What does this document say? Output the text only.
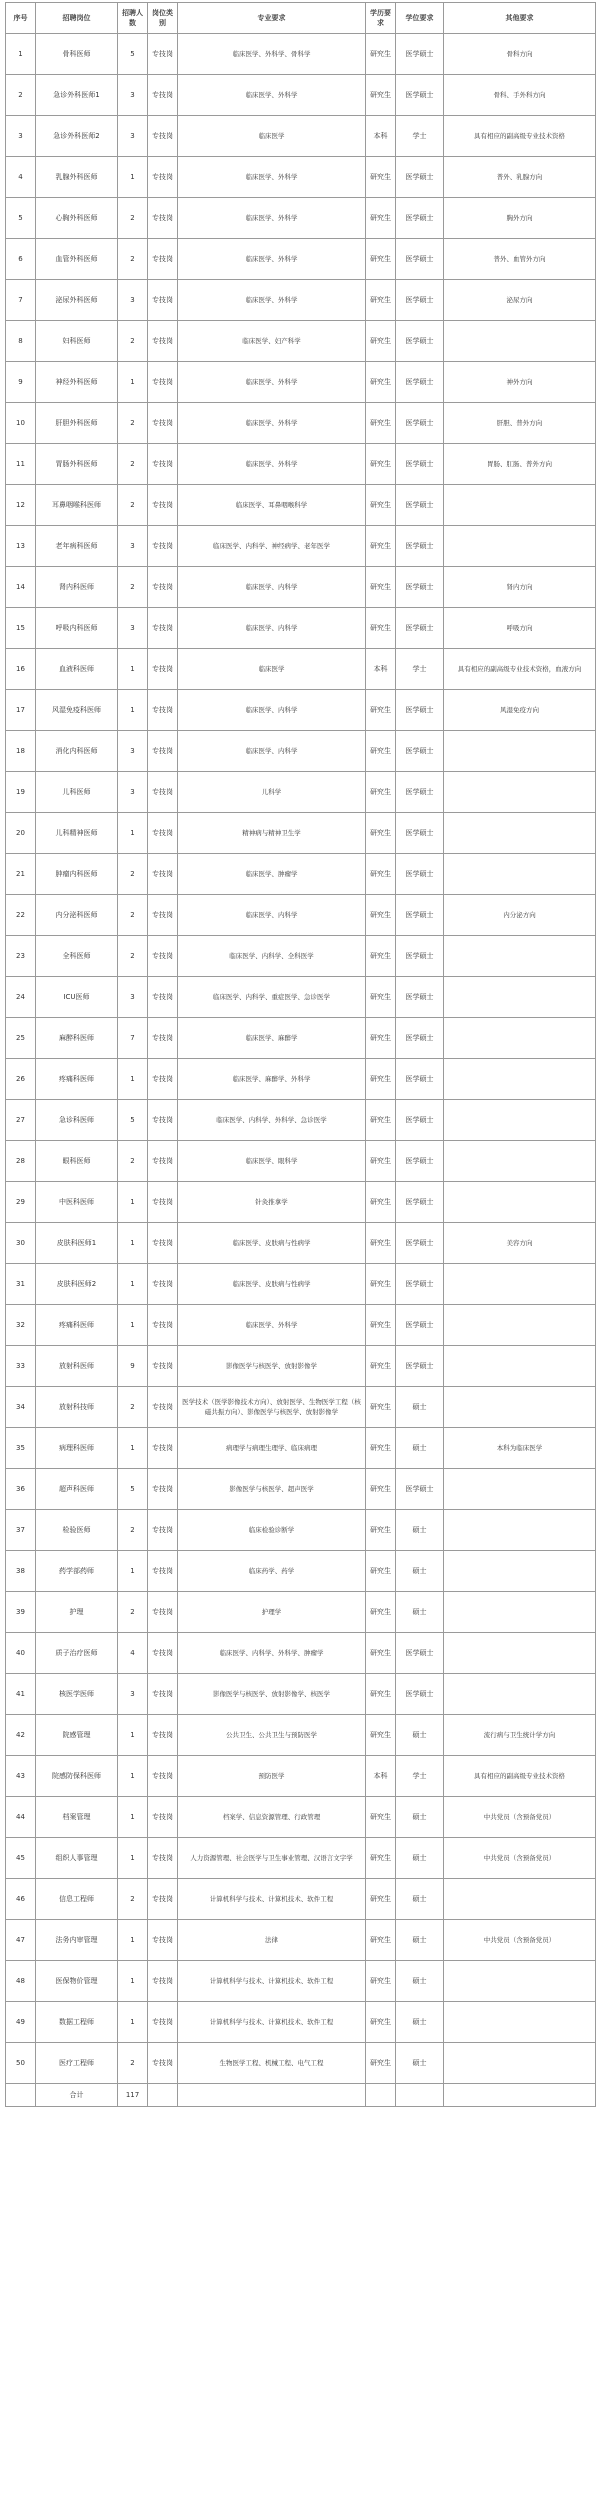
序号	招聘岗位	招聘人数	岗位类别	专业要求	学历要求	学位要求	其他要求
1	骨科医师	5	专技岗	临床医学、外科学、骨科学	研究生	医学硕士	骨科方向
2	急诊外科医师1	3	专技岗	临床医学、外科学	研究生	医学硕士	骨科、手外科方向
3	急诊外科医师2	3	专技岗	临床医学	本科	学士	具有相应的副高级专业技术资格
4	乳腺外科医师	1	专技岗	临床医学、外科学	研究生	医学硕士	普外、乳腺方向
5	心胸外科医师	2	专技岗	临床医学、外科学	研究生	医学硕士	胸外方向
6	血管外科医师	2	专技岗	临床医学、外科学	研究生	医学硕士	普外、血管外方向
7	泌尿外科医师	3	专技岗	临床医学、外科学	研究生	医学硕士	泌尿方向
8	妇科医师	2	专技岗	临床医学、妇产科学	研究生	医学硕士	
9	神经外科医师	1	专技岗	临床医学、外科学	研究生	医学硕士	神外方向
10	肝胆外科医师	2	专技岗	临床医学、外科学	研究生	医学硕士	肝胆、普外方向
11	胃肠外科医师	2	专技岗	临床医学、外科学	研究生	医学硕士	胃肠、肛肠、普外方向
12	耳鼻咽喉科医师	2	专技岗	临床医学、耳鼻咽喉科学	研究生	医学硕士	
13	老年病科医师	3	专技岗	临床医学、内科学、神经病学、老年医学	研究生	医学硕士	
14	肾内科医师	2	专技岗	临床医学、内科学	研究生	医学硕士	肾内方向
15	呼吸内科医师	3	专技岗	临床医学、内科学	研究生	医学硕士	呼吸方向
16	血液科医师	1	专技岗	临床医学	本科	学士	具有相应的副高级专业技术资格，血液方向
17	风湿免疫科医师	1	专技岗	临床医学、内科学	研究生	医学硕士	风湿免疫方向
18	消化内科医师	3	专技岗	临床医学、内科学	研究生	医学硕士	
19	儿科医师	3	专技岗	儿科学	研究生	医学硕士	
20	儿科精神医师	1	专技岗	精神病与精神卫生学	研究生	医学硕士	
21	肿瘤内科医师	2	专技岗	临床医学、肿瘤学	研究生	医学硕士	
22	内分泌科医师	2	专技岗	临床医学、内科学	研究生	医学硕士	内分泌方向
23	全科医师	2	专技岗	临床医学、内科学、全科医学	研究生	医学硕士	
24	ICU医师	3	专技岗	临床医学、内科学、重症医学、急诊医学	研究生	医学硕士	
25	麻醉科医师	7	专技岗	临床医学、麻醉学	研究生	医学硕士	
26	疼痛科医师	1	专技岗	临床医学、麻醉学、外科学	研究生	医学硕士	
27	急诊科医师	5	专技岗	临床医学、内科学、外科学、急诊医学	研究生	医学硕士	
28	眼科医师	2	专技岗	临床医学、眼科学	研究生	医学硕士	
29	中医科医师	1	专技岗	针灸推拿学	研究生	医学硕士	
30	皮肤科医师1	1	专技岗	临床医学、皮肤病与性病学	研究生	医学硕士	美容方向
31	皮肤科医师2	1	专技岗	临床医学、皮肤病与性病学	研究生	医学硕士	
32	疼痛科医师	1	专技岗	临床医学、外科学	研究生	医学硕士	
33	放射科医师	9	专技岗	影像医学与核医学、放射影像学	研究生	医学硕士	
34	放射科技师	2	专技岗	医学技术（医学影像技术方向）、放射医学、生物医学工程（核磁共振方向）、影像医学与核医学、放射影像学	研究生	硕士	
35	病理科医师	1	专技岗	病理学与病理生理学、临床病理	研究生	硕士	本科为临床医学
36	超声科医师	5	专技岗	影像医学与核医学、超声医学	研究生	医学硕士	
37	检验医师	2	专技岗	临床检验诊断学	研究生	硕士	
38	药学部药师	1	专技岗	临床药学、药学	研究生	硕士	
39	护理	2	专技岗	护理学	研究生	硕士	
40	质子治疗医师	4	专技岗	临床医学、内科学、外科学、肿瘤学	研究生	医学硕士	
41	核医学医师	3	专技岗	影像医学与核医学、放射影像学、核医学	研究生	医学硕士	
42	院感管理	1	专技岗	公共卫生、公共卫生与预防医学	研究生	硕士	流行病与卫生统计学方向
43	院感防保科医师	1	专技岗	预防医学	本科	学士	具有相应的副高级专业技术资格
44	档案管理	1	专技岗	档案学、信息资源管理、行政管理	研究生	硕士	中共党员（含预备党员）
45	组织人事管理	1	专技岗	人力资源管理、社会医学与卫生事业管理、汉语言文字学	研究生	硕士	中共党员（含预备党员）
46	信息工程师	2	专技岗	计算机科学与技术、计算机技术、软件工程	研究生	硕士	
47	法务内审管理	1	专技岗	法律	研究生	硕士	中共党员（含预备党员）
48	医保物价管理	1	专技岗	计算机科学与技术、计算机技术、软件工程	研究生	硕士	
49	数据工程师	1	专技岗	计算机科学与技术、计算机技术、软件工程	研究生	硕士	
50	医疗工程师	2	专技岗	生物医学工程、机械工程、电气工程	研究生	硕士	
	合计	117					
